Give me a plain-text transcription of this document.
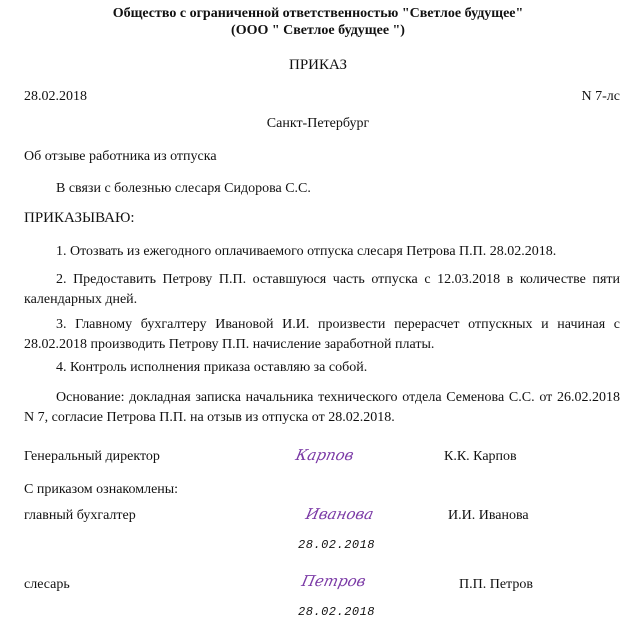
Общество с ограниченной ответственностью "Светлое будущее"
(ООО " Светлое будущее ")
ПРИКАЗ
28.02.2018	N 7-лс
Санкт-Петербург
Об отзыве работника из отпуска
В связи с болезнью слесаря Сидорова С.С.
ПРИКАЗЫВАЮ:
1. Отозвать из ежегодного оплачиваемого отпуска слесаря Петрова П.П. 28.02.2018.
2. Предоставить Петрову П.П. оставшуюся часть отпуска с 12.03.2018 в количестве пяти календарных дней.
3. Главному бухгалтеру Ивановой И.И. произвести перерасчет отпускных и начиная с 28.02.2018 производить Петрову П.П. начисление заработной платы.
4. Контроль исполнения приказа оставляю за собой.
Основание: докладная записка начальника технического отдела Семенова С.С. от 26.02.2018 N 7, согласие Петрова П.П. на отзыв из отпуска от 28.02.2018.
Генеральный директор	Карпов	К.К. Карпов
С приказом ознакомлены:
главный бухгалтер	Иванова	И.И. Иванова
28.02.2018
слесарь	Петров	П.П. Петров
28.02.2018
